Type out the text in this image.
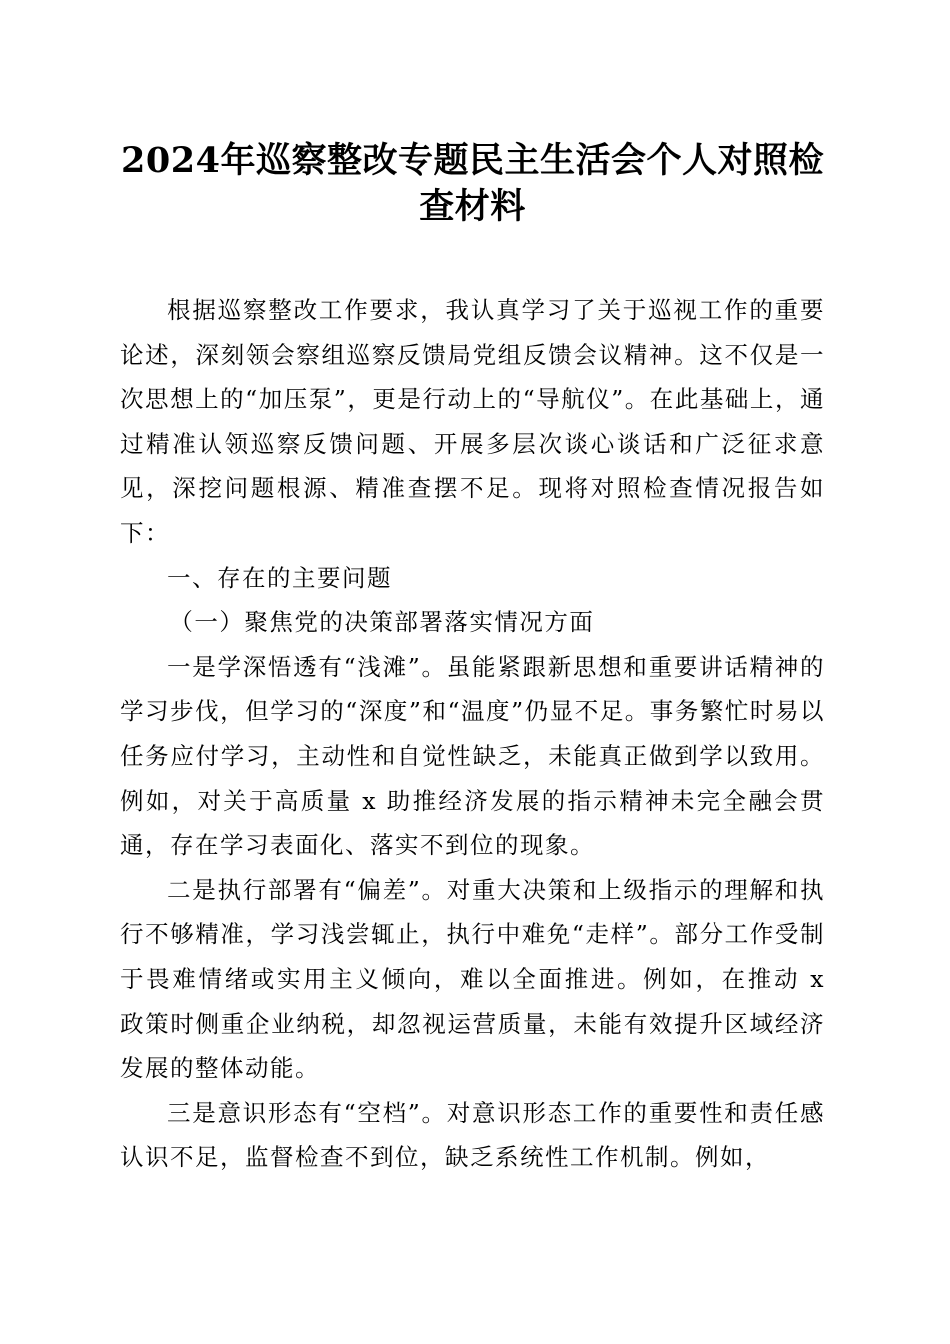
2024年巡察整改专题民主生活会个人对照检
查材料

根据巡察整改工作要求，我认真学习了关于巡视工作的重要论述，深刻领会察组巡察反馈局党组反馈会议精神。这不仅是一次思想上的“加压泵”，更是行动上的“导航仪”。在此基础上，通过精准认领巡察反馈问题、开展多层次谈心谈话和广泛征求意见，深挖问题根源、精准查摆不足。现将对照检查情况报告如下：

一、存在的主要问题

（一）聚焦党的决策部署落实情况方面

一是学深悟透有“浅滩”。虽能紧跟新思想和重要讲话精神的学习步伐，但学习的“深度”和“温度”仍显不足。事务繁忙时易以任务应付学习，主动性和自觉性缺乏，未能真正做到学以致用。例如，对关于高质量 x 助推经济发展的指示精神未完全融会贯通，存在学习表面化、落实不到位的现象。

二是执行部署有“偏差”。对重大决策和上级指示的理解和执行不够精准，学习浅尝辄止，执行中难免“走样”。部分工作受制于畏难情绪或实用主义倾向，难以全面推进。例如，在推动 x 政策时侧重企业纳税，却忽视运营质量，未能有效提升区域经济发展的整体动能。

三是意识形态有“空档”。对意识形态工作的重要性和责任感认识不足，监督检查不到位，缺乏系统性工作机制。例如，
